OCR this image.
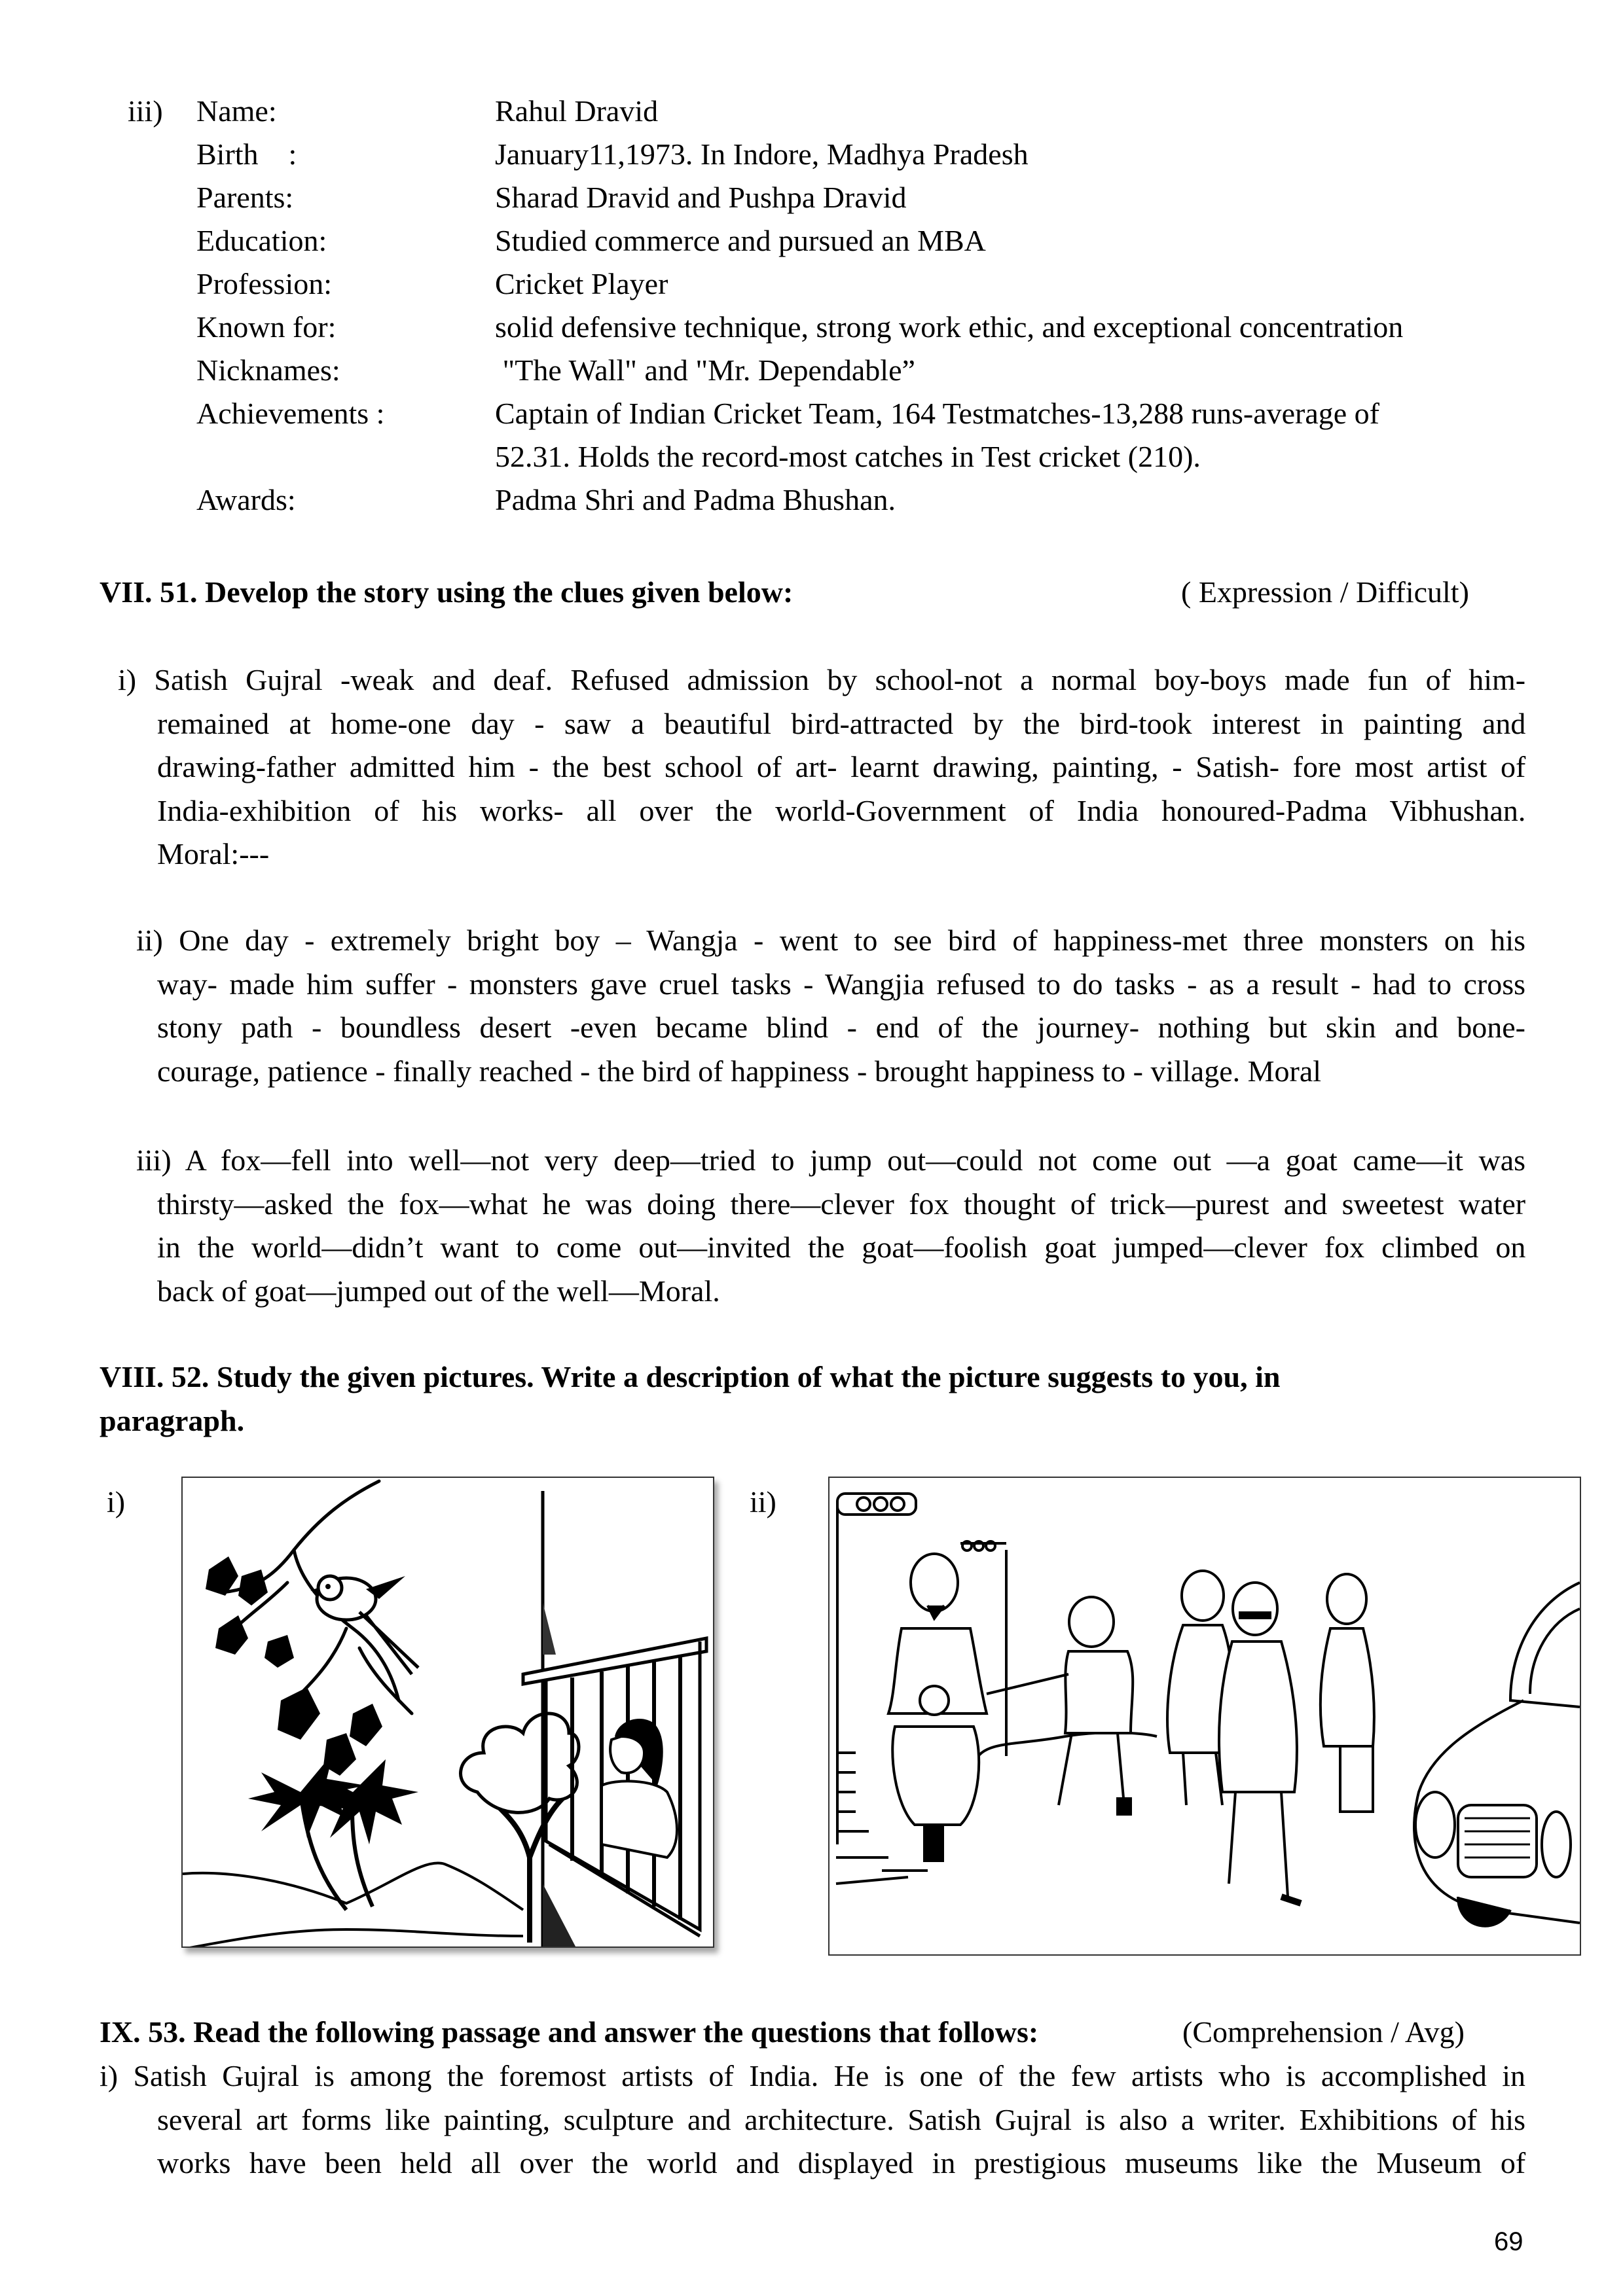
iii) Name:	Rahul Dravid
Birth    :	January11,1973. In Indore, Madhya Pradesh
Parents:	Sharad Dravid and Pushpa Dravid
Education:	Studied commerce and pursued an MBA
Profession:	Cricket Player
Known for:	solid defensive technique, strong work ethic, and exceptional concentration
Nicknames:	"The Wall" and "Mr. Dependable”
Achievements :	Captain of Indian Cricket Team, 164 Testmatches-13,288 runs-average of
52.31. Holds the record-most catches in Test cricket (210).
Awards:	Padma Shri and Padma Bhushan.
VII. 51. Develop the story using the clues given below:	( Expression / Difficult)
i) Satish Gujral -weak and deaf. Refused admission by school-not a normal boy-boys made fun of him-
remained at home-one day - saw a beautiful bird-attracted by the bird-took interest in painting and
drawing-father admitted him - the best school of art- learnt drawing, painting, - Satish- fore most artist of
India-exhibition of his works- all over the world-Government of India honoured-Padma Vibhushan.
Moral:---
ii) One day - extremely bright boy – Wangja - went to see bird of happiness-met three monsters on his
way- made him suffer - monsters gave cruel tasks - Wangjia refused to do tasks - as a result - had to cross
stony path - boundless desert -even became blind - end of the journey- nothing but skin and bone-
courage, patience - finally reached - the bird of happiness - brought happiness to - village. Moral
iii) A fox—fell into well—not very deep—tried to jump out—could not come out —a goat came—it was
thirsty—asked the fox—what he was doing there—clever fox thought of trick—purest and sweetest water
in the world—didn’t want to come out—invited the goat—foolish goat jumped—clever fox climbed on
back of goat—jumped out of the well—Moral.
VIII. 52. Study the given pictures. Write a description of what the picture suggests to you, in
paragraph.
i)	ii)
IX. 53. Read the following passage and answer the questions that follows:	(Comprehension / Avg)
i) Satish Gujral is among the foremost artists of India. He is one of the few artists who is accomplished in
several art forms like painting, sculpture and architecture. Satish Gujral is also a writer. Exhibitions of his
works have been held all over the world and displayed in prestigious museums like the Museum of
69
